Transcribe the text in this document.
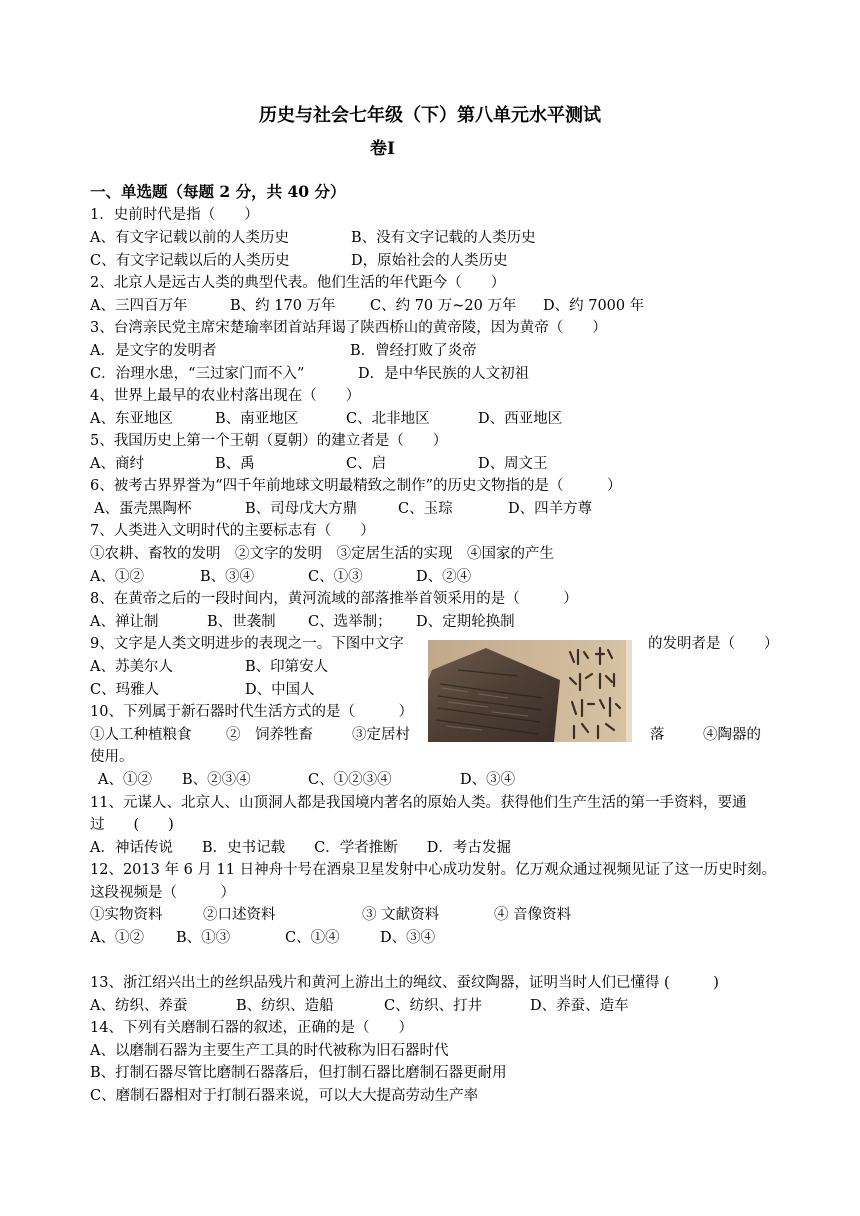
历史与社会七年级（下）第八单元水平测试
卷Ⅰ
一、单选题（每题 2 分，共 40 分）
1．史前时代是指（　　）
A、有文字记载以前的人类历史	B、没有文字记载的人类历史
C、有文字记载以后的人类历史	D，原始社会的人类历史
2、北京人是远古人类的典型代表。他们生活的年代距今（　　）
A、三四百万年	B、约 170 万年 C、约 70 万~20 万年 D、约 7000 年
3、台湾亲民党主席宋楚瑜率团首站拜谒了陕西桥山的黄帝陵，因为黄帝（　　）
A．是文字的发明者	B．曾经打败了炎帝
C．治理水患，“三过家门而不入”	D．是中华民族的人文初祖
4、世界上最早的农业村落出现在（　　）
A、东亚地区	B、南亚地区	C、北非地区	D、西亚地区
5、我国历史上第一个王朝（夏朝）的建立者是（　　）
A、商纣	B、禹	C、启	D、周文王
6、被考古界界誉为“四千年前地球文明最精致之制作”的历史文物指的是（　　　）
A、蛋壳黑陶杯	B、司母戊大方鼎	C、玉琮	D、四羊方尊
7、人类进入文明时代的主要标志有（　　）
①农耕、畜牧的发明　②文字的发明　③定居生活的实现　④国家的产生
A、①②	B、③④	C、①③	D、②④
8、在黄帝之后的一段时间内，黄河流域的部落推举首领采用的是（　　　）
A、禅让制	B、世袭制 C、选举制； D、定期轮换制
9、文字是人类文明进步的表现之一。下图中文字	的发明者是（　　）
A、苏美尔人	B、印第安人
C、玛雅人	D、中国人
10、下列属于新石器时代生活方式的是（　　　）
①人工种植粮食 ②　饲养牲畜	③定居村	落	④陶器的
使用。
A、①② B、②③④	C、①②③④	D、③④
11、元谋人、北京人、山顶洞人都是我国境内著名的原始人类。获得他们生产生活的第一手资料，要通
过　　(　　)
A．神话传说　　B．史书记载　　C．学者推断　　D．考古发掘
12、2013 年 6 月 11 日神舟十号在酒泉卫星发射中心成功发射。亿万观众通过视频见证了这一历史时刻。
这段视频是（　　　）
①实物资料	②口述资料	③ 文献资料	④ 音像资料
A、①② B、①③	C、①④	D、③④
13、浙江绍兴出土的丝织品残片和黄河上游出土的绳纹、蚕纹陶器，证明当时人们已懂得 (　　　)
A、纺织、养蚕	B、纺织、造船	C、纺织、打井	D、养蚕、造车
14、下列有关磨制石器的叙述，正确的是（　　）
A、以磨制石器为主要生产工具的时代被称为旧石器时代
B、打制石器尽管比磨制石器落后，但打制石器比磨制石器更耐用
C、磨制石器相对于打制石器来说，可以大大提高劳动生产率
